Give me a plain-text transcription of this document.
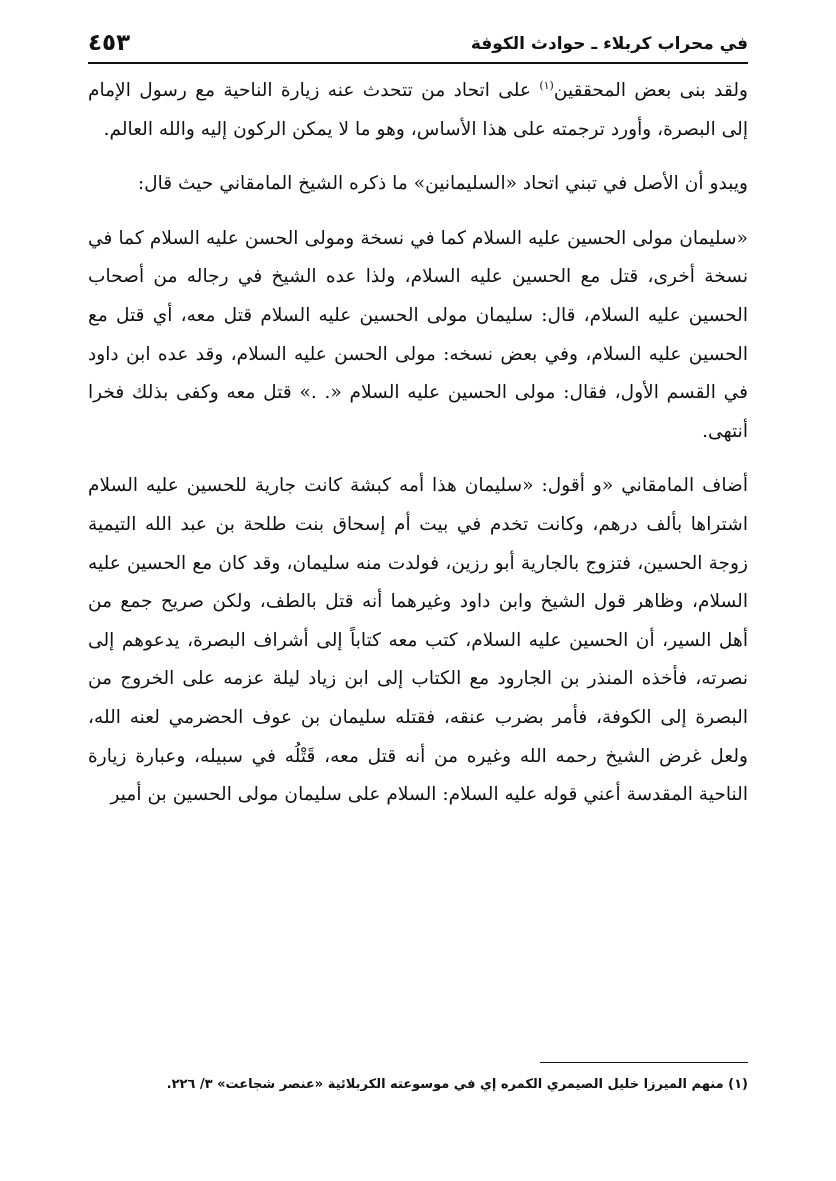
في محراب كربلاء ـ حوادث الكوفة
٤٥٣

ولقد بنى بعض المحققين$^{(١)}$ على اتحاد من تتحدث عنه زيارة الناحية مع رسول الإمام إلى البصرة، وأورد ترجمته على هذا الأساس، وهو ما لا يمكن الركون إليه والله العالم.

ويبدو أن الأصل في تبني اتحاد «السليمانين» ما ذكره الشيخ المامقاني حيث قال:

«سليمان مولى الحسين عليه السلام كما في نسخة ومولى الحسن عليه السلام كما في نسخة أخرى، قتل مع الحسين عليه السلام، ولذا عده الشيخ في رجاله من أصحاب الحسين عليه السلام، قال: سليمان مولى الحسين عليه السلام قتل معه، أي قتل مع الحسين عليه السلام، وفي بعض نسخه: مولى الحسن عليه السلام، وقد عده ابن داود في القسم الأول، فقال: مولى الحسين عليه السلام «. .» قتل معه وكفى بذلك فخرا أنتهى.

أضاف المامقاني «و أقول: «سليمان هذا أمه كبشة كانت جارية للحسين عليه السلام اشتراها بألف درهم، وكانت تخدم في بيت أم إسحاق بنت طلحة بن عبد الله التيمية زوجة الحسين، فتزوج بالجارية أبو رزين، فولدت منه سليمان، وقد كان مع الحسين عليه السلام، وظاهر قول الشيخ وابن داود وغيرهما أنه قتل بالطف، ولكن صريح جمع من أهل السير، أن الحسين عليه السلام، كتب معه كتاباً إلى أشراف البصرة، يدعوهم إلى نصرته، فأخذه المنذر بن الجارود مع الكتاب إلى ابن زياد ليلة عزمه على الخروج من البصرة إلى الكوفة، فأمر بضرب عنقه، فقتله سليمان بن عوف الحضرمي لعنه الله، ولعل غرض الشيخ رحمه الله وغيره من أنه قتل معه، قَتْلُه في سبيله، وعبارة زيارة الناحية المقدسة أعني قوله عليه السلام: السلام على سليمان مولى الحسين بن أمير

(١) منهم الميرزا خليل الصيمري الكمره إي في موسوعته الكربلائية «عنصر شجاعت» ٣/ ٢٢٦.
